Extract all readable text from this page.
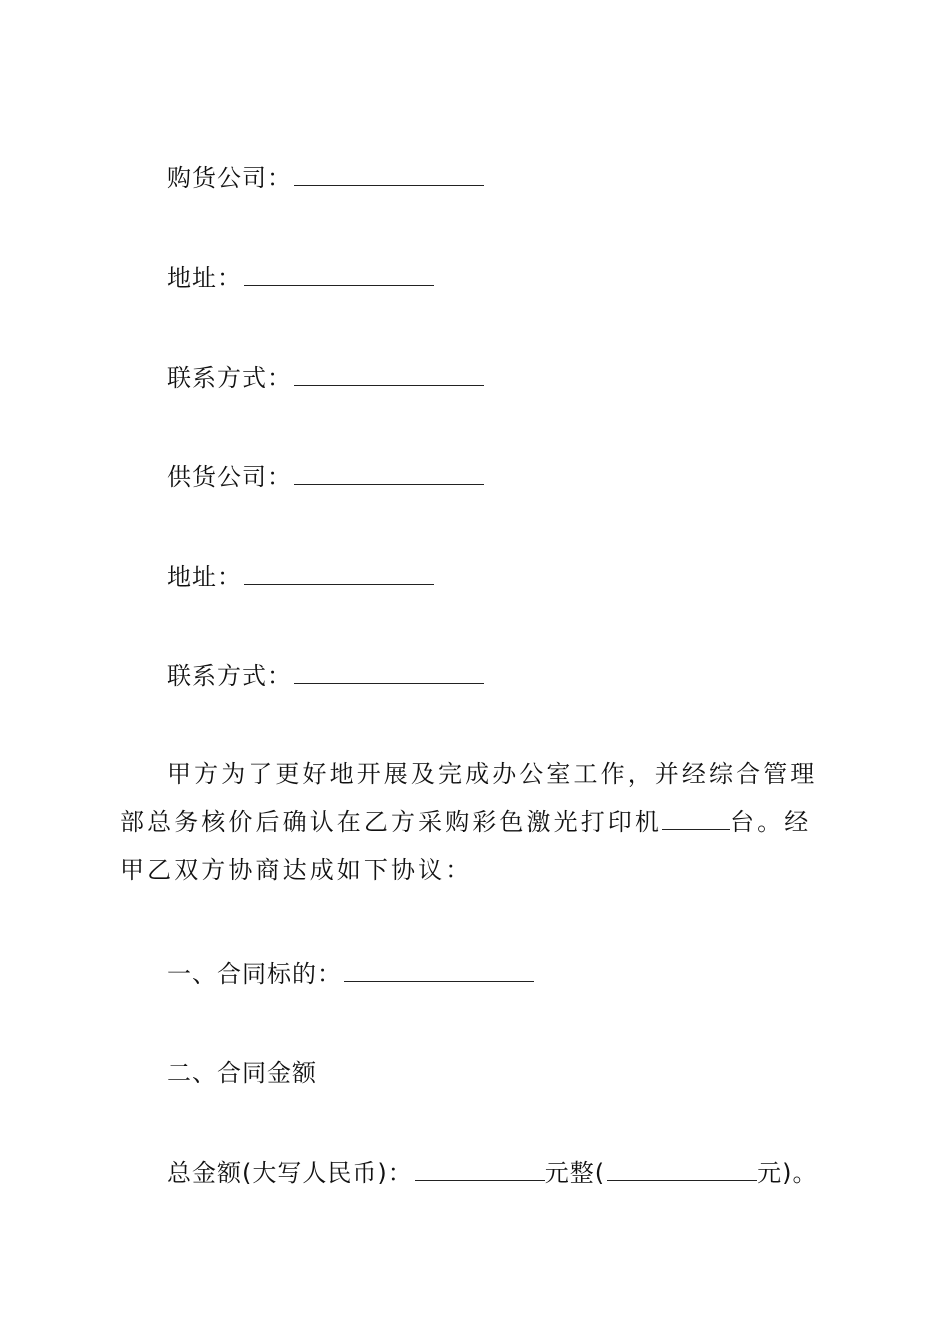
购货公司：
地址：
联系方式：
供货公司：
地址：
联系方式：
甲方为了更好地开展及完成办公室工作，并经综合管理部总务核价后确认在乙方采购彩色激光打印机	台。经甲乙双方协商达成如下协议：
一、合同标的：
二、合同金额
总金额(大写人民币)：	元整(	元)。
